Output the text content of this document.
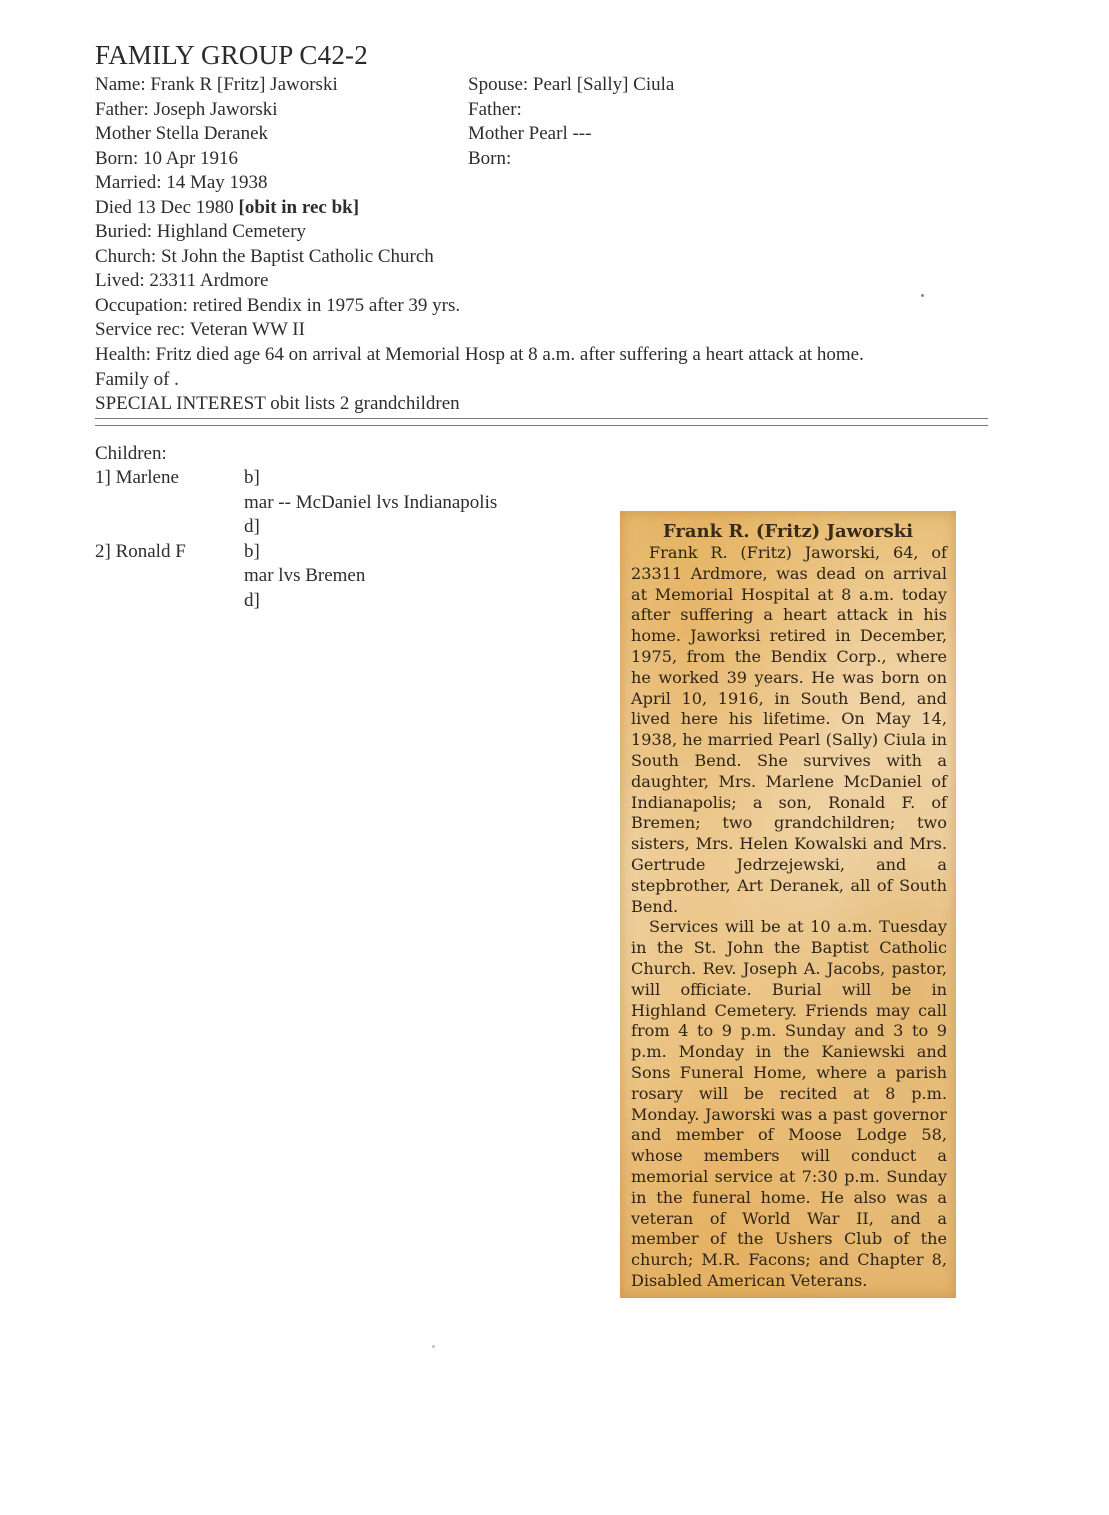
FAMILY GROUP C42-2
Name: Frank R [Fritz] Jaworski
Father: Joseph Jaworski
Mother Stella Deranek
Born: 10 Apr 1916
Married: 14 May 1938
Died 13 Dec 1980 [obit in rec bk]
Buried: Highland Cemetery
Church: St John the Baptist Catholic Church
Lived: 23311 Ardmore
Occupation: retired Bendix in 1975 after 39 yrs.
Service rec: Veteran WW II
Health: Fritz died age 64 on arrival at Memorial Hosp at 8 a.m. after suffering a heart attack at home.
Family of .
SPECIAL INTEREST obit lists 2 grandchildren
Spouse: Pearl [Sally] Ciula
Father:
Mother Pearl ---
Born:
Children:
1] Marlene	b]
mar -- McDaniel lvs Indianapolis
d]
2] Ronald F	b]
mar lvs Bremen
d]
Frank R. (Fritz) Jaworski

Frank R. (Fritz) Jaworski, 64, of 23311 Ardmore, was dead on arrival at Memorial Hospital at 8 a.m. today after suffering a heart attack in his home. Jaworksi retired in December, 1975, from the Bendix Corp., where he worked 39 years. He was born on April 10, 1916, in South Bend, and lived here his lifetime. On May 14, 1938, he married Pearl (Sally) Ciula in South Bend. She survives with a daughter, Mrs. Marlene McDaniel of Indianapolis; a son, Ronald F. of Bremen; two grandchildren; two sisters, Mrs. Helen Kowalski and Mrs. Gertrude Jedrzejewski, and a stepbrother, Art Deranek, all of South Bend.

Services will be at 10 a.m. Tuesday in the St. John the Baptist Catholic Church. Rev. Joseph A. Jacobs, pastor, will officiate. Burial will be in Highland Cemetery. Friends may call from 4 to 9 p.m. Sunday and 3 to 9 p.m. Monday in the Kaniewski and Sons Funeral Home, where a parish rosary will be recited at 8 p.m. Monday. Jaworski was a past governor and member of Moose Lodge 58, whose members will conduct a memorial service at 7:30 p.m. Sunday in the funeral home. He also was a veteran of World War II, and a member of the Ushers Club of the church; M.R. Facons; and Chapter 8, Disabled American Veterans.
